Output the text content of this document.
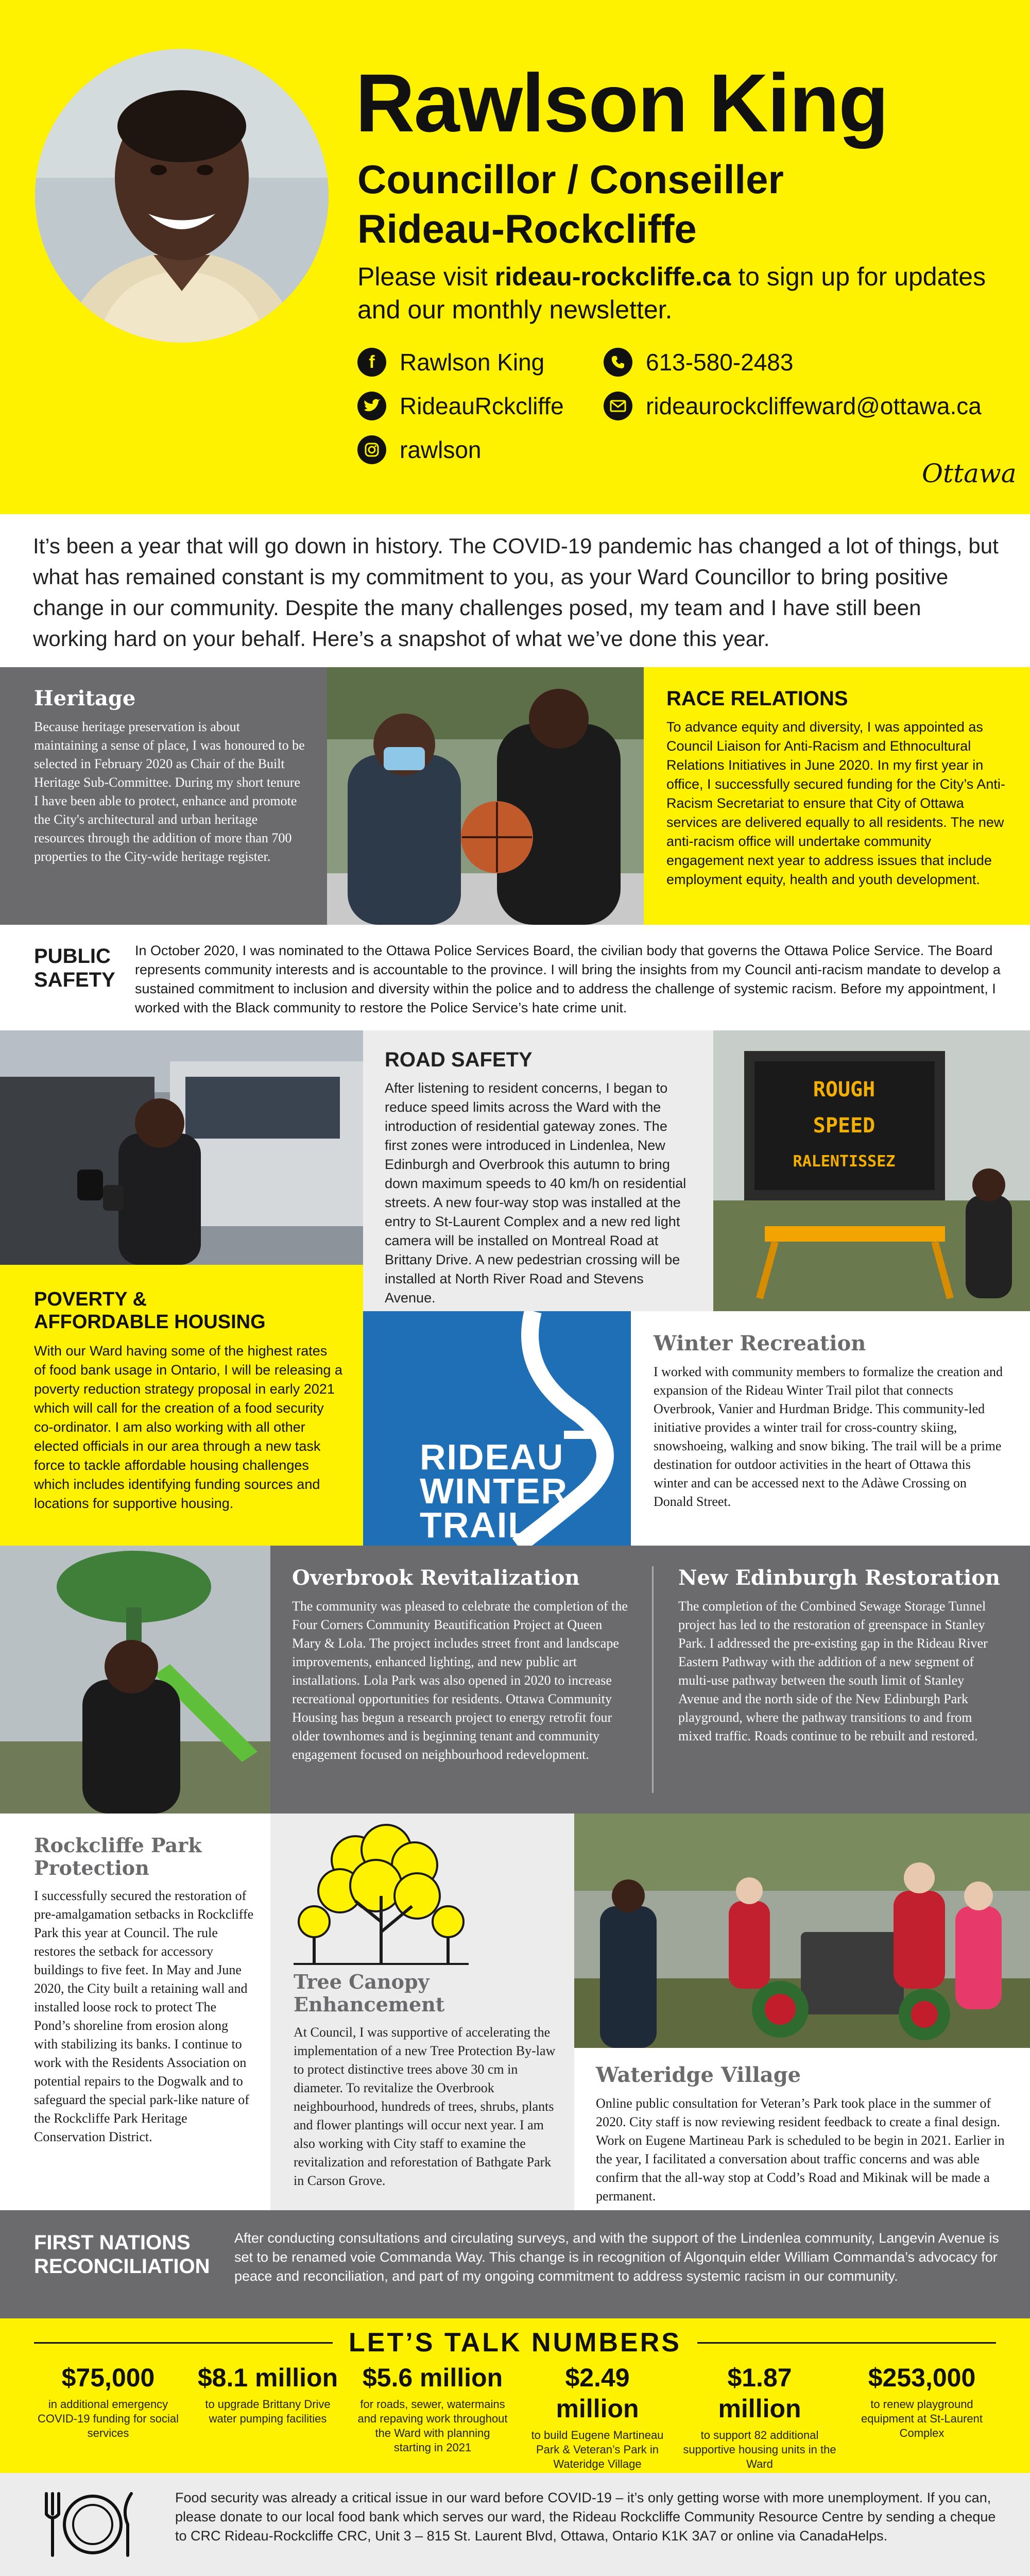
Rawlson King
Councillor / Conseiller
Rideau-Rockcliffe
Please visit rideau-rockcliffe.ca to sign up for updates and our monthly newsletter.
f	Rawlson King
RideauRckcliffe
rawlson
613-580-2483
rideaurockcliffeward@ottawa.ca
Ottawa
It’s been a year that will go down in history. The COVID-19 pandemic has changed a lot of things, but what has remained constant is my commitment to you, as your Ward Councillor to bring positive change in our community. Despite the many challenges posed, my team and I have still been working hard on your behalf. Here’s a snapshot of what we’ve done this year.
Heritage
Because heritage preservation is about maintaining a sense of place, I was honoured to be selected in February 2020 as Chair of the Built Heritage Sub-Committee. During my short tenure I have been able to protect, enhance and promote the City's architectural and urban heritage resources through the addition of more than 700 properties to the City-wide heritage register.
RACE RELATIONS
To advance equity and diversity, I was appointed as Council Liaison for Anti-Racism and Ethnocultural Relations Initiatives in June 2020. In my first year in office, I successfully secured funding for the City’s Anti-Racism Secretariat to ensure that City of Ottawa services are delivered equally to all residents. The new anti-racism office will undertake community engagement next year to address issues that include employment equity, health and youth development.
PUBLIC
SAFETY
In October 2020, I was nominated to the Ottawa Police Services Board, the civilian body that governs the Ottawa Police Service. The Board represents community interests and is accountable to the province. I will bring the insights from my Council anti-racism mandate to develop a sustained commitment to inclusion and diversity within the police and to address the challenge of systemic racism. Before my appointment, I worked with the Black community to restore the Police Service’s hate crime unit.
ROAD SAFETY
After listening to resident concerns, I began to reduce speed limits across the Ward with the introduction of residential gateway zones. The first zones were introduced in Lindenlea, New Edinburgh and Overbrook this autumn to bring down maximum speeds to 40 km/h on residential streets. A new four-way stop was installed at the entry to St-Laurent Complex and a new red light camera will be installed on Montreal Road at Brittany Drive. A new pedestrian crossing will be installed at North River Road and Stevens Avenue.
ROUGH
SPEED
RALENTISSEZ
POVERTY &
AFFORDABLE HOUSING
With our Ward having some of the highest rates of food bank usage in Ontario, I will be releasing a poverty reduction strategy proposal in early 2021 which will call for the creation of a food security co-ordinator. I am also working with all other elected officials in our area through a new task force to tackle affordable housing challenges which includes identifying funding sources and locations for supportive housing.
RIDEAU
WINTER
TRAIL
Winter Recreation
I worked with community members to formalize the creation and expansion of the Rideau Winter Trail pilot that connects Overbrook, Vanier and Hurdman Bridge. This community-led initiative provides a winter trail for cross-country skiing, snowshoeing, walking and snow biking. The trail will be a prime destination for outdoor activities in the heart of Ottawa this winter and can be accessed next to the Adàwe Crossing on Donald Street.
Overbrook Revitalization
The community was pleased to celebrate the completion of the Four Corners Community Beautification Project at Queen Mary & Lola. The project includes street front and landscape improvements, enhanced lighting, and new public art installations. Lola Park was also opened in 2020 to increase recreational opportunities for residents. Ottawa Community Housing has begun a research project to energy retrofit four older townhomes and is beginning tenant and community engagement focused on neighbourhood redevelopment.
New Edinburgh Restoration
The completion of the Combined Sewage Storage Tunnel project has led to the restoration of greenspace in Stanley Park. I addressed the pre-existing gap in the Rideau River Eastern Pathway with the addition of a new segment of multi-use pathway between the south limit of Stanley Avenue and the north side of the New Edinburgh Park playground, where the pathway transitions to and from mixed traffic. Roads continue to be rebuilt and restored.
Rockcliffe Park
Protection
I successfully secured the restoration of pre-amalgamation setbacks in Rockcliffe Park this year at Council. The rule restores the setback for accessory buildings to five feet. In May and June 2020, the City built a retaining wall and installed loose rock to protect The Pond’s shoreline from erosion along with stabilizing its banks. I continue to work with the Residents Association on potential repairs to the Dogwalk and to safeguard the special park-like nature of the Rockcliffe Park Heritage Conservation District.
Tree Canopy
Enhancement
At Council, I was supportive of accelerating the implementation of a new Tree Protection By-law to protect distinctive trees above 30 cm in diameter. To revitalize the Overbrook neighbourhood, hundreds of trees, shrubs, plants and flower plantings will occur next year. I am also working with City staff to examine the revitalization and reforestation of Bathgate Park in Carson Grove.
Wateridge Village
Online public consultation for Veteran’s Park took place in the summer of 2020. City staff is now reviewing resident feedback to create a final design. Work on Eugene Martineau Park is scheduled to be begin in 2021. Earlier in the year, I facilitated a conversation about traffic concerns and was able confirm that the all-way stop at Codd’s Road and Mikinak will be made a permanent.
FIRST NATIONS
RECONCILIATION
After conducting consultations and circulating surveys, and with the support of the Lindenlea community, Langevin Avenue is set to be renamed voie Commanda Way. This change is in recognition of Algonquin elder William Commanda’s advocacy for peace and reconciliation, and part of my ongoing commitment to address systemic racism in our community.
LET’S TALK NUMBERS
$75,000
in additional emergency COVID-19 funding for social services
$8.1 million
to upgrade Brittany Drive water pumping facilities
$5.6 million
for roads, sewer, watermains and repaving work throughout the Ward with planning starting in 2021
$2.49 million
to build Eugene Martineau Park & Veteran’s Park in Wateridge Village
$1.87 million
to support 82 additional supportive housing units in the Ward
$253,000
to renew playground equipment at St-Laurent Complex
Food security was already a critical issue in our ward before COVID-19 – it’s only getting worse with more unemployment. If you can, please donate to our local food bank which serves our ward, the Rideau Rockcliffe Community Resource Centre by sending a cheque to CRC Rideau-Rockcliffe CRC, Unit 3 – 815 St. Laurent Blvd, Ottawa, Ontario K1K 3A7 or online via CanadaHelps.
